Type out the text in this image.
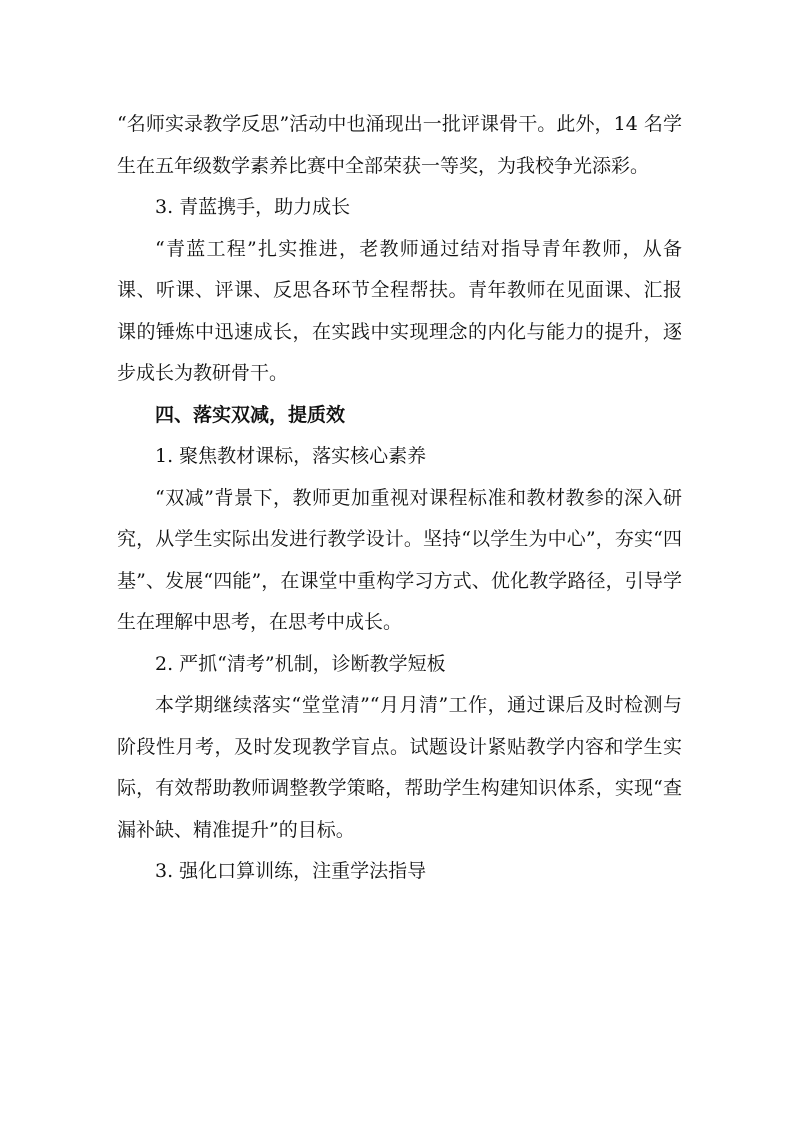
“名师实录教学反思”活动中也涌现出一批评课骨干。此外，14 名学生在五年级数学素养比赛中全部荣获一等奖，为我校争光添彩。

3. 青蓝携手，助力成长

“青蓝工程”扎实推进，老教师通过结对指导青年教师，从备课、听课、评课、反思各环节全程帮扶。青年教师在见面课、汇报课的锤炼中迅速成长，在实践中实现理念的内化与能力的提升，逐步成长为教研骨干。

四、落实双减，提质效

1. 聚焦教材课标，落实核心素养

“双减”背景下，教师更加重视对课程标准和教材教参的深入研究，从学生实际出发进行教学设计。坚持“以学生为中心”，夯实“四基”、发展“四能”，在课堂中重构学习方式、优化教学路径，引导学生在理解中思考，在思考中成长。

2. 严抓“清考”机制，诊断教学短板

本学期继续落实“堂堂清”“月月清”工作，通过课后及时检测与阶段性月考，及时发现教学盲点。试题设计紧贴教学内容和学生实际，有效帮助教师调整教学策略，帮助学生构建知识体系，实现“查漏补缺、精准提升”的目标。

3. 强化口算训练，注重学法指导
